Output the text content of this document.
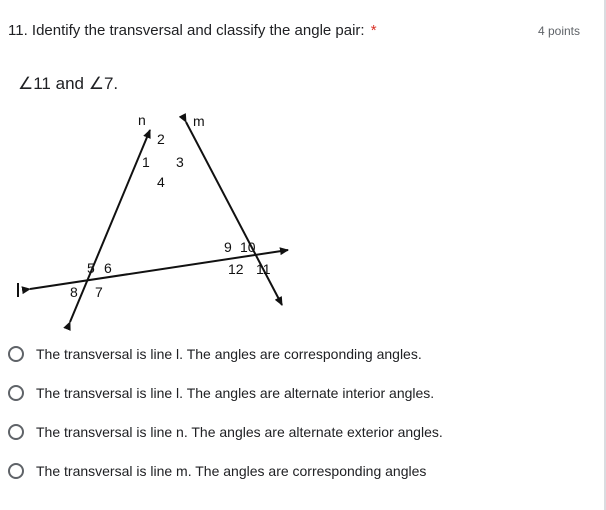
11. Identify the transversal and classify the angle pair: *	4 points
∠11 and ∠7.
n	m
1
2
3
4
5 6
7
8
9 10
11
12
The transversal is line l. The angles are corresponding angles.
The transversal is line l. The angles are alternate interior angles.
The transversal is line n. The angles are alternate exterior angles.
The transversal is line m. The angles are corresponding angles
